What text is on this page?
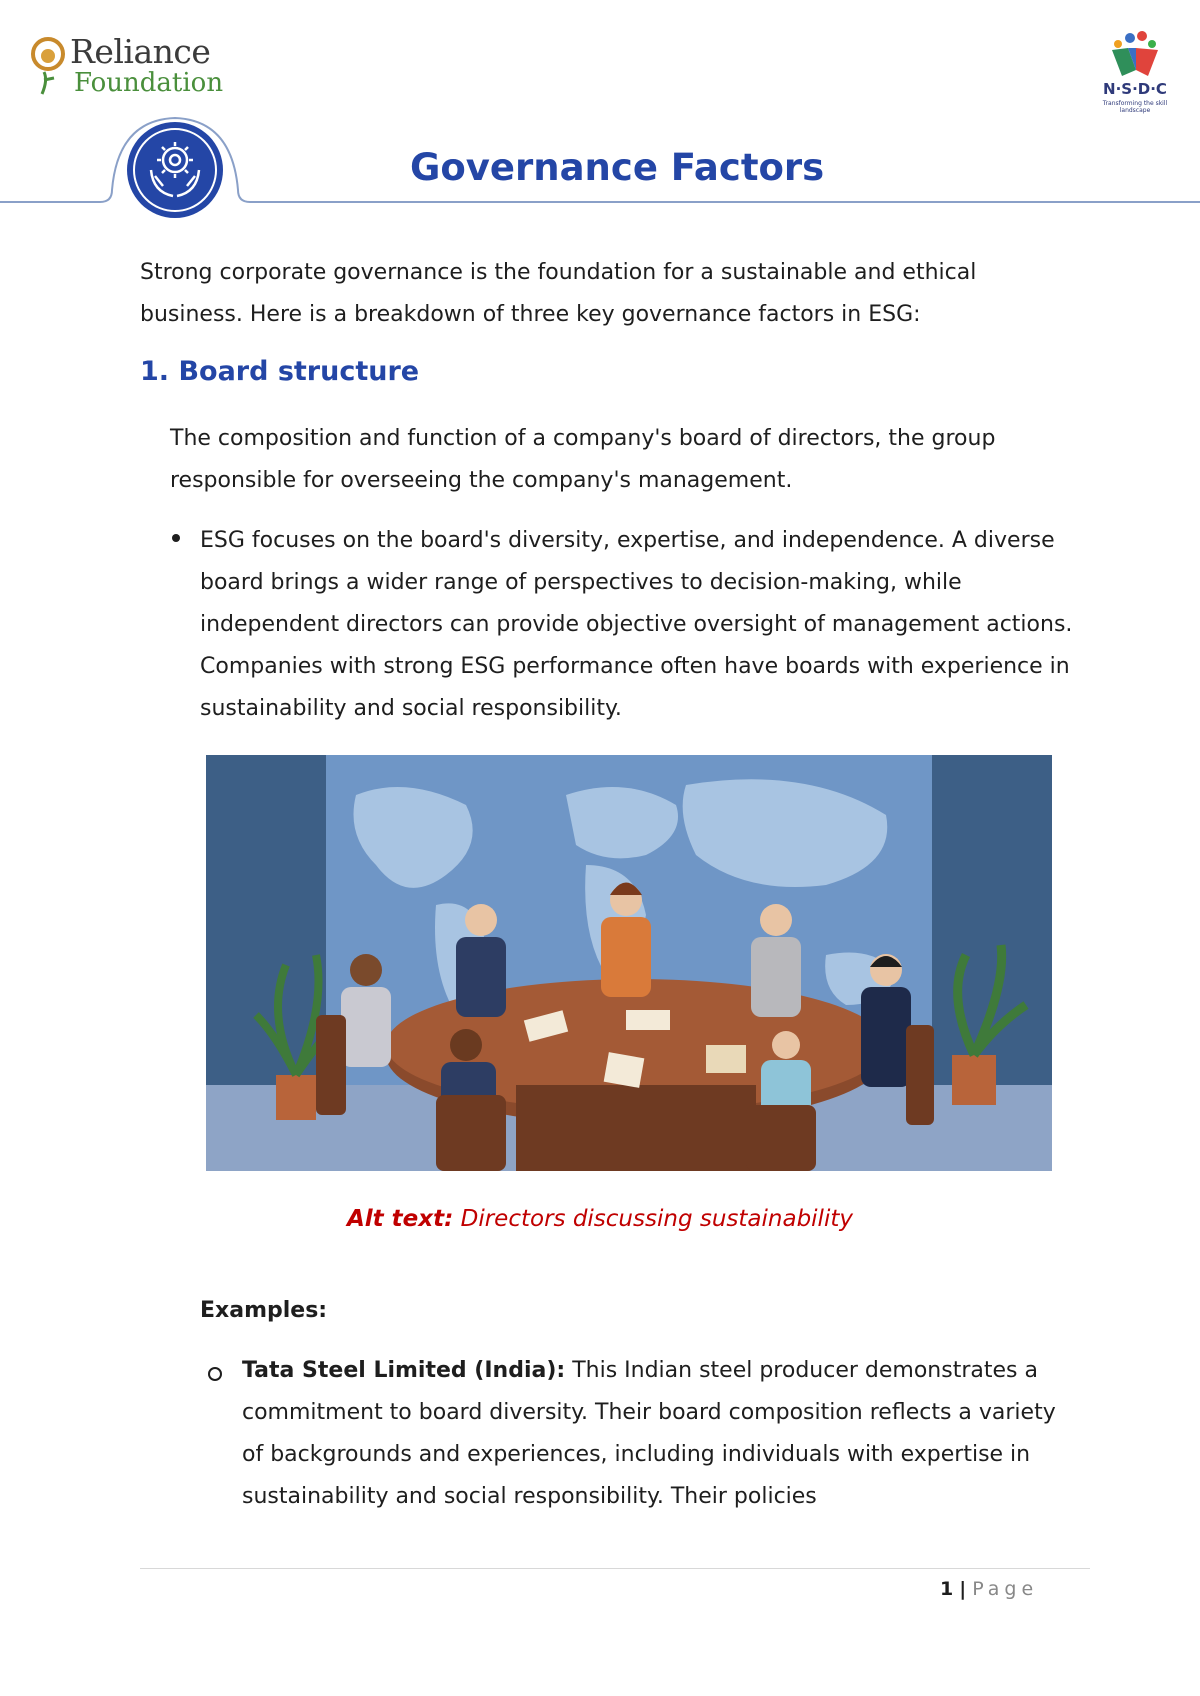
Reliance
Foundation	N·S·D·C
Transforming the skill landscape
Governance Factors
Strong corporate governance is the foundation for a sustainable and ethical business. Here is a breakdown of three key governance factors in ESG:
1. Board structure
The composition and function of a company's board of directors, the group responsible for overseeing the company's management.
ESG focuses on the board's diversity, expertise, and independence. A diverse board brings a wider range of perspectives to decision-making, while independent directors can provide objective oversight of management actions. Companies with strong ESG performance often have boards with experience in sustainability and social responsibility.
Alt text: Directors discussing sustainability
Examples:
Tata Steel Limited (India): This Indian steel producer demonstrates a commitment to board diversity. Their board composition reflects a variety of backgrounds and experiences, including individuals with expertise in sustainability and social responsibility. Their policies
1 | Page
